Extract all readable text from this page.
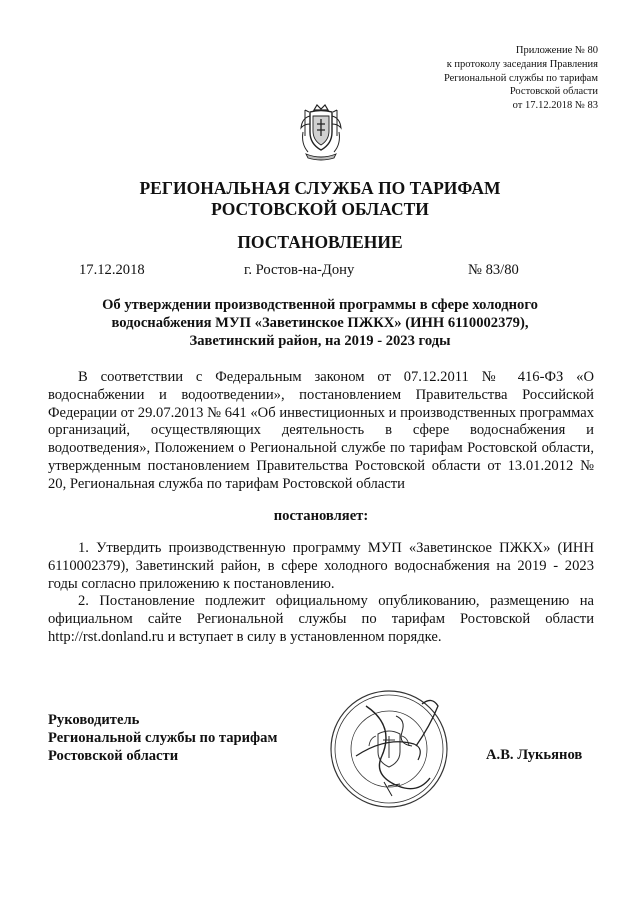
Приложение № 80
к протоколу заседания Правления
Региональной службы по тарифам
Ростовской области
от 17.12.2018 № 83
РЕГИОНАЛЬНАЯ СЛУЖБА ПО ТАРИФАМ
РОСТОВСКОЙ ОБЛАСТИ
ПОСТАНОВЛЕНИЕ
17.12.2018	г. Ростов-на-Дону	№ 83/80
Об утверждении производственной программы в сфере холодного
водоснабжения МУП «Заветинское ПЖКХ» (ИНН 6110002379),
Заветинский район, на 2019 - 2023 годы

В соответствии с Федеральным законом от 07.12.2011 № 416-ФЗ «О водоснабжении и водоотведении», постановлением Правительства Российской Федерации от 29.07.2013 № 641 «Об инвестиционных и производственных программах организаций, осуществляющих деятельность в сфере водоснабжения и водоотведения», Положением о Региональной службе по тарифам Ростовской области, утвержденным постановлением Правительства Ростовской области от 13.01.2012 № 20, Региональная служба по тарифам Ростовской области

постановляет:

1. Утвердить производственную программу МУП «Заветинское ПЖКХ» (ИНН 6110002379), Заветинский район, в сфере холодного водоснабжения на 2019 - 2023 годы согласно приложению к постановлению.

2. Постановление подлежит официальному опубликованию, размещению на официальном сайте Региональной службы по тарифам Ростовской области http://rst.donland.ru и вступает в силу в установленном порядке.

Руководитель
Региональной службы по тарифам
Ростовской области	А.В. Лукьянов
